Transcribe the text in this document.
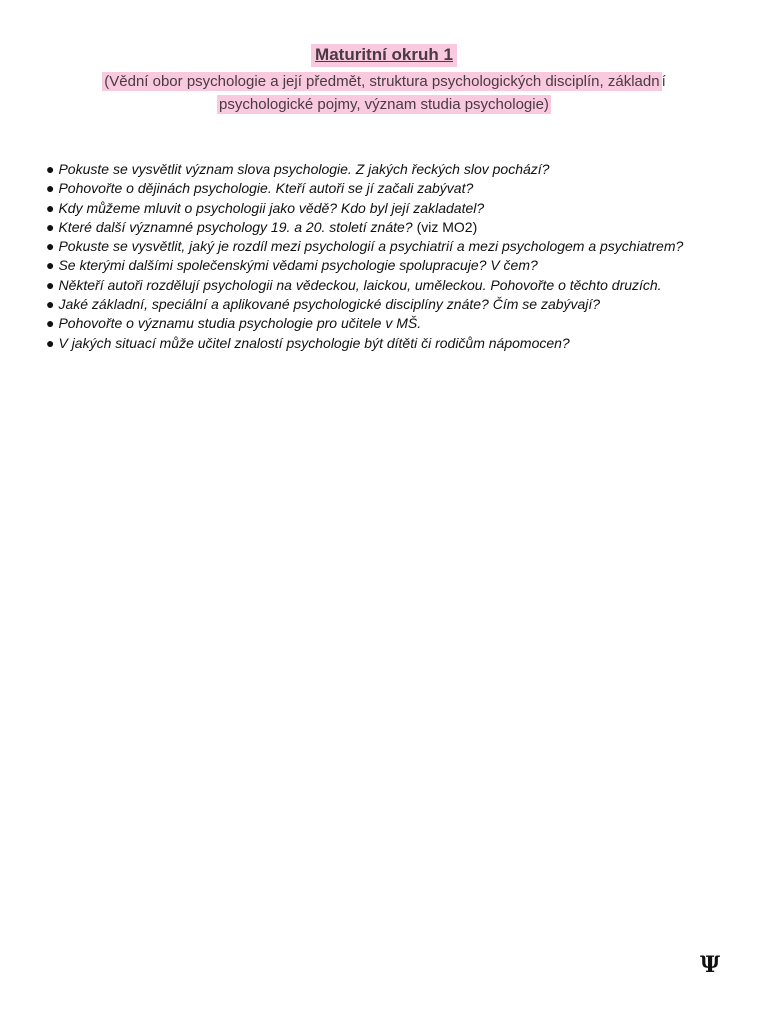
Maturitní okruh 1
(Vědní obor psychologie a její předmět, struktura psychologických disciplín, základn í
psychologické pojmy, význam studia psychologie)

● Pokuste se vysvětlit význam slova psychologie. Z jakých řeckých slov pochází?

● Pohovořte o dějinách psychologie. Kteří autoři se jí začali zabývat?

● Kdy můžeme mluvit o psychologii jako vědě? Kdo byl její zakladatel?

● Které další významné psychology 19. a 20. století znáte? (viz MO2)

● Pokuste se vysvětlit, jaký je rozdíl mezi psychologií a psychiatrií a mezi psychologem a psychiatrem?

● Se kterými dalšími společenskými vědami psychologie spolupracuje? V čem?

● Někteří autoři rozdělují psychologii na vědeckou, laickou, uměleckou. Pohovořte o těchto druzích.

● Jaké základní, speciální a aplikované psychologické disciplíny znáte? Čím se zabývají?

● Pohovořte o významu studia psychologie pro učitele v MŠ.

● V jakých situací může učitel znalostí psychologie být dítěti či rodičům nápomocen?

Ψ
